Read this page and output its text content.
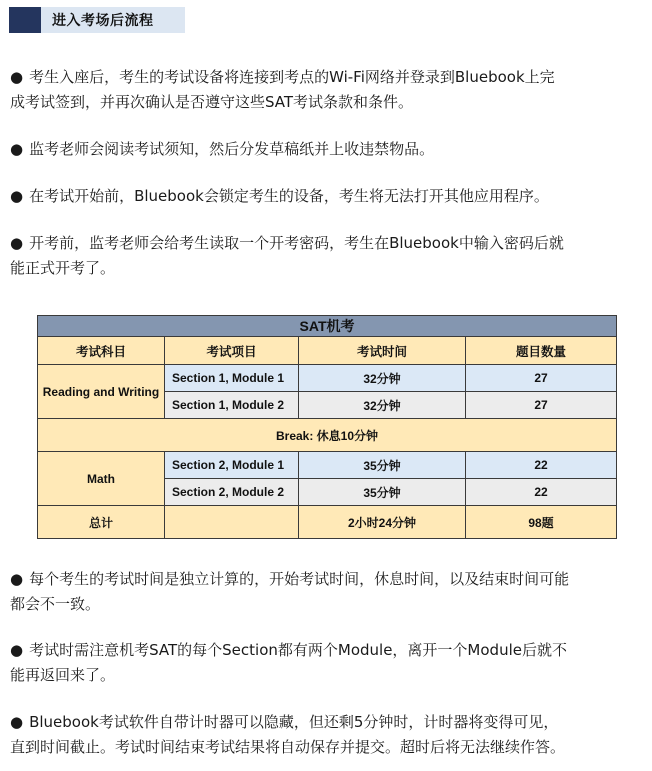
进入考场后流程
● 考生入座后，考生的考试设备将连接到考点的Wi-Fi网络并登录到Bluebook上完
成考试签到，并再次确认是否遵守这些SAT考试条款和条件。
● 监考老师会阅读考试须知，然后分发草稿纸并上收违禁物品。
● 在考试开始前，Bluebook会锁定考生的设备，考生将无法打开其他应用程序。
● 开考前，监考老师会给考生读取一个开考密码，考生在Bluebook中输入密码后就
能正式开考了。
SAT机考			
考试科目	考试项目	考试时间	题目数量
Reading and Writing	Section 1, Module 1	32分钟	27
	Section 1, Module 2	32分钟	27
Break: 休息10分钟			
Math	Section 2, Module 1	35分钟	22
	Section 2, Module 2	35分钟	22
总计		2小时24分钟	98题
● 每个考生的考试时间是独立计算的，开始考试时间，休息时间，以及结束时间可能
都会不一致。
● 考试时需注意机考SAT的每个Section都有两个Module，离开一个Module后就不
能再返回来了。
● Bluebook考试软件自带计时器可以隐藏，但还剩5分钟时，计时器将变得可见，
直到时间截止。考试时间结束考试结果将自动保存并提交。超时后将无法继续作答。
